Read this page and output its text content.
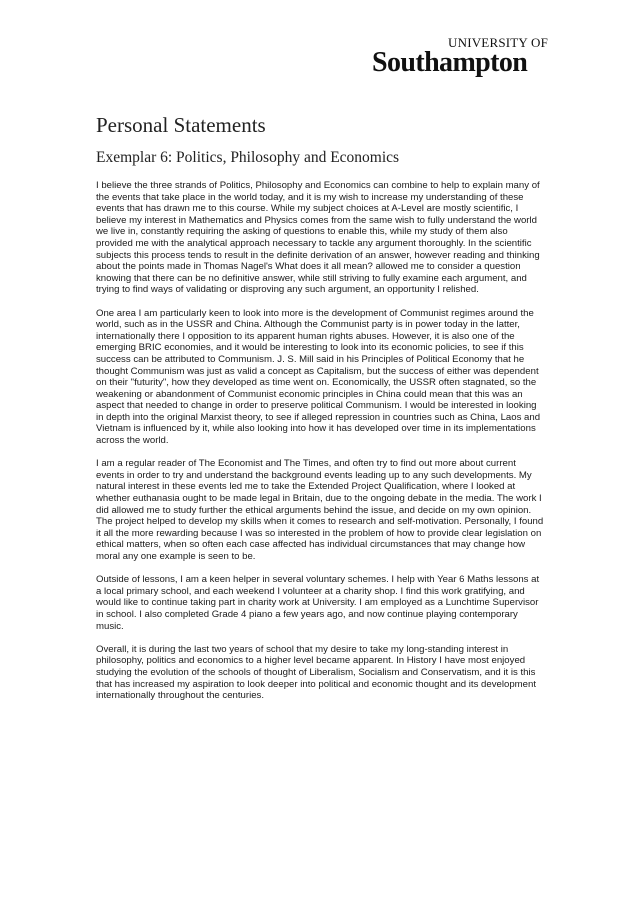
UNIVERSITY OF
Southampton
Personal Statements
Exemplar 6: Politics, Philosophy and Economics

I believe the three strands of Politics, Philosophy and Economics can combine to help to explain many of the events that take place in the world today, and it is my wish to increase my understanding of these events that has drawn me to this course. While my subject choices at A-Level are mostly scientific, I believe my interest in Mathematics and Physics comes from the same wish to fully understand the world we live in, constantly requiring the asking of questions to enable this, while my study of them also provided me with the analytical approach necessary to tackle any argument thoroughly. In the scientific subjects this process tends to result in the definite derivation of an answer, however reading and thinking about the points made in Thomas Nagel's What does it all mean? allowed me to consider a question knowing that there can be no definitive answer, while still striving to fully examine each argument, and trying to find ways of validating or disproving any such argument, an opportunity I relished.

One area I am particularly keen to look into more is the development of Communist regimes around the world, such as in the USSR and China. Although the Communist party is in power today in the latter, internationally there I opposition to its apparent human rights abuses. However, it is also one of the emerging BRIC economies, and it would be interesting to look into its economic policies, to see if this success can be attributed to Communism. J. S. Mill said in his Principles of Political Economy that he thought Communism was just as valid a concept as Capitalism, but the success of either was dependent on their "futurity", how they developed as time went on. Economically, the USSR often stagnated, so the weakening or abandonment of Communist economic principles in China could mean that this was an aspect that needed to change in order to preserve political Communism. I would be interested in looking in depth into the original Marxist theory, to see if alleged repression in countries such as China, Laos and Vietnam is influenced by it, while also looking into how it has developed over time in its implementations across the world.

I am a regular reader of The Economist and The Times, and often try to find out more about current events in order to try and understand the background events leading up to any such developments. My natural interest in these events led me to take the Extended Project Qualification, where I looked at whether euthanasia ought to be made legal in Britain, due to the ongoing debate in the media. The work I did allowed me to study further the ethical arguments behind the issue, and decide on my own opinion. The project helped to develop my skills when it comes to research and self-motivation. Personally, I found it all the more rewarding because I was so interested in the problem of how to provide clear legislation on ethical matters, when so often each case affected has individual circumstances that may change how moral any one example is seen to be.

Outside of lessons, I am a keen helper in several voluntary schemes. I help with Year 6 Maths lessons at a local primary school, and each weekend I volunteer at a charity shop. I find this work gratifying, and would like to continue taking part in charity work at University. I am employed as a Lunchtime Supervisor in school. I also completed Grade 4 piano a few years ago, and now continue playing contemporary music.

Overall, it is during the last two years of school that my desire to take my long-standing interest in philosophy, politics and economics to a higher level became apparent. In History I have most enjoyed studying the evolution of the schools of thought of Liberalism, Socialism and Conservatism, and it is this that has increased my aspiration to look deeper into political and economic thought and its development internationally throughout the centuries.
